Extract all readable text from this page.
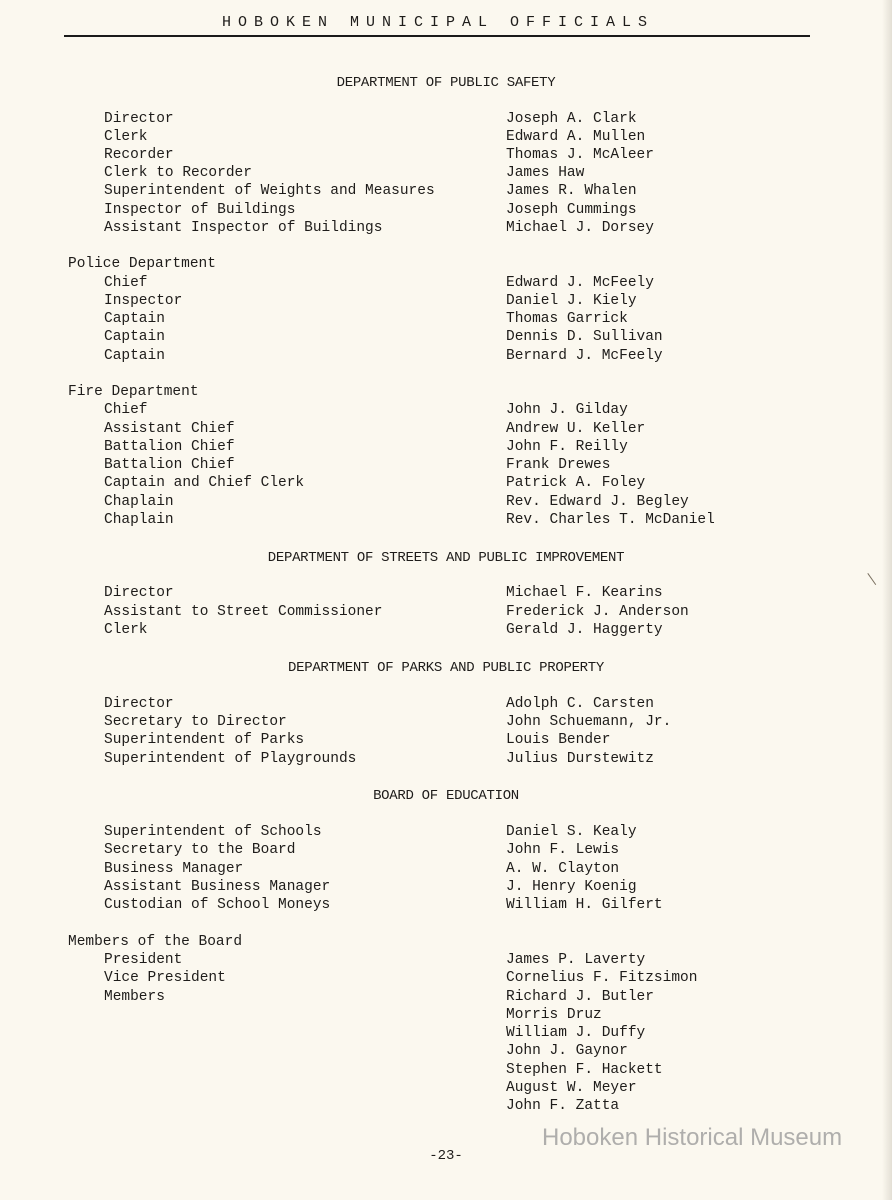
HOBOKEN MUNICIPAL OFFICIALS
DEPARTMENT OF PUBLIC SAFETY
Director	Joseph A. Clark
Clerk	Edward A. Mullen
Recorder	Thomas J. McAleer
Clerk to Recorder	James Haw
Superintendent of Weights and Measures	James R. Whalen
Inspector of Buildings	Joseph Cummings
Assistant Inspector of Buildings	Michael J. Dorsey
Police Department
Chief	Edward J. McFeely
Inspector	Daniel J. Kiely
Captain	Thomas Garrick
Captain	Dennis D. Sullivan
Captain	Bernard J. McFeely
Fire Department
Chief	John J. Gilday
Assistant Chief	Andrew U. Keller
Battalion Chief	John F. Reilly
Battalion Chief	Frank Drewes
Captain and Chief Clerk	Patrick A. Foley
Chaplain	Rev. Edward J. Begley
Chaplain	Rev. Charles T. McDaniel
DEPARTMENT OF STREETS AND PUBLIC IMPROVEMENT
Director	Michael F. Kearins
Assistant to Street Commissioner	Frederick J. Anderson
Clerk	Gerald J. Haggerty
DEPARTMENT OF PARKS AND PUBLIC PROPERTY
Director	Adolph C. Carsten
Secretary to Director	John Schuemann, Jr.
Superintendent of Parks	Louis Bender
Superintendent of Playgrounds	Julius Durstewitz
BOARD OF EDUCATION
Superintendent of Schools	Daniel S. Kealy
Secretary to the Board	John F. Lewis
Business Manager	A. W. Clayton
Assistant Business Manager	J. Henry Koenig
Custodian of School Moneys	William H. Gilfert
Members of the Board
President	James P. Laverty
Vice President	Cornelius F. Fitzsimon
Members	Richard J. Butler
Morris Druz
William J. Duffy
John J. Gaynor
Stephen F. Hackett
August W. Meyer
John F. Zatta
Hoboken Historical Museum
-23-
